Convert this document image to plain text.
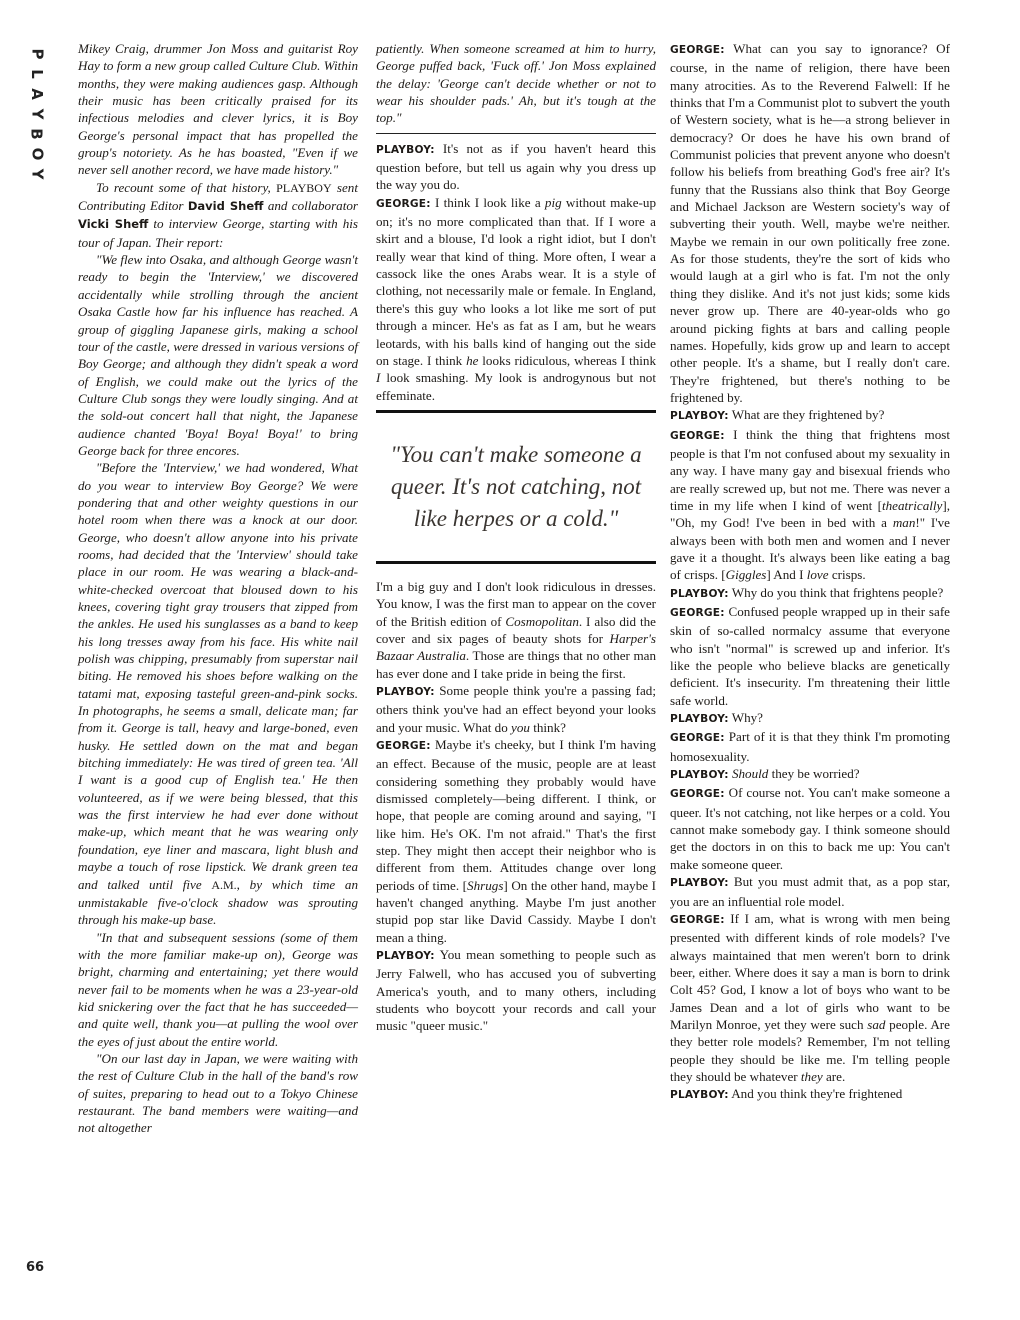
P
L
A
Y
B
O
Y
66

Mikey Craig, drummer Jon Moss and guitarist Roy Hay to form a new group called Culture Club. Within months, they were making audiences gasp. Although their music has been critically praised for its infectious melodies and clever lyrics, it is Boy George's personal impact that has propelled the group's notoriety. As he has boasted, "Even if we never sell another record, we have made history."

To recount some of that history, PLAYBOY sent Contributing Editor David Sheff and collaborator Vicki Sheff to interview George, starting with his tour of Japan. Their report:

"We flew into Osaka, and although George wasn't ready to begin the 'Interview,' we discovered accidentally while strolling through the ancient Osaka Castle how far his influence has reached. A group of giggling Japanese girls, making a school tour of the castle, were dressed in various versions of Boy George; and although they didn't speak a word of English, we could make out the lyrics of the Culture Club songs they were loudly singing. And at the sold-out concert hall that night, the Japanese audience chanted 'Boya! Boya! Boya!' to bring George back for three encores.

"Before the 'Interview,' we had wondered, What do you wear to interview Boy George? We were pondering that and other weighty questions in our hotel room when there was a knock at our door. George, who doesn't allow anyone into his private rooms, had decided that the 'Interview' should take place in our room. He was wearing a black-and-white-checked overcoat that bloused down to his knees, covering tight gray trousers that zipped from the ankles. He used his sunglasses as a band to keep his long tresses away from his face. His white nail polish was chipping, presumably from superstar nail biting. He removed his shoes before walking on the tatami mat, exposing tasteful green-and-pink socks. In photographs, he seems a small, delicate man; far from it. George is tall, heavy and large-boned, even husky. He settled down on the mat and began bitching immediately: He was tired of green tea. 'All I want is a good cup of English tea.' He then volunteered, as if we were being blessed, that this was the first interview he had ever done without make-up, which meant that he was wearing only foundation, eye liner and mascara, light blush and maybe a touch of rose lipstick. We drank green tea and talked until five A.M., by which time an unmistakable five-o'clock shadow was sprouting through his make-up base.

"In that and subsequent sessions (some of them with the more familiar make-up on), George was bright, charming and entertaining; yet there would never fail to be moments when he was a 23-year-old kid snickering over the fact that he has succeeded—and quite well, thank you—at pulling the wool over the eyes of just about the entire world.

"On our last day in Japan, we were waiting with the rest of Culture Club in the hall of the band's row of suites, preparing to head out to a Tokyo Chinese restaurant. The band members were waiting—and not altogether

patiently. When someone screamed at him to hurry, George puffed back, 'Fuck off.' Jon Moss explained the delay: 'George can't decide whether or not to wear his shoulder pads.' Ah, but it's tough at the top."

PLAYBOY: It's not as if you haven't heard this question before, but tell us again why you dress up the way you do.

GEORGE: I think I look like a pig without make-up on; it's no more complicated than that. If I wore a skirt and a blouse, I'd look a right idiot, but I don't really wear that kind of thing. More often, I wear a cassock like the ones Arabs wear. It is a style of clothing, not necessarily male or female. In England, there's this guy who looks a lot like me sort of put through a mincer. He's as fat as I am, but he wears leotards, with his balls kind of hanging out the side on stage. I think he looks ridiculous, whereas I think I look smashing. My look is androgynous but not effeminate.

"You can't make someone a queer. It's not catching, not like herpes or a cold."

I'm a big guy and I don't look ridiculous in dresses. You know, I was the first man to appear on the cover of the British edition of Cosmopolitan. I also did the cover and six pages of beauty shots for Harper's Bazaar Australia. Those are things that no other man has ever done and I take pride in being the first.

PLAYBOY: Some people think you're a passing fad; others think you've had an effect beyond your looks and your music. What do you think?

GEORGE: Maybe it's cheeky, but I think I'm having an effect. Because of the music, people are at least considering something they probably would have dismissed completely—being different. I think, or hope, that people are coming around and saying, "I like him. He's OK. I'm not afraid." That's the first step. They might then accept their neighbor who is different from them. Attitudes change over long periods of time. [Shrugs] On the other hand, maybe I haven't changed anything. Maybe I'm just another stupid pop star like David Cassidy. Maybe I don't mean a thing.

PLAYBOY: You mean something to people such as Jerry Falwell, who has accused you of subverting America's youth, and to many others, including students who boycott your records and call your music "queer music."

GEORGE: What can you say to ignorance? Of course, in the name of religion, there have been many atrocities. As to the Reverend Falwell: If he thinks that I'm a Communist plot to subvert the youth of Western society, what is he—a strong believer in democracy? Or does he have his own brand of Communist policies that prevent anyone who doesn't follow his beliefs from breathing God's free air? It's funny that the Russians also think that Boy George and Michael Jackson are Western society's way of subverting their youth. Well, maybe we're neither. Maybe we remain in our own politically free zone. As for those students, they're the sort of kids who would laugh at a girl who is fat. I'm not the only thing they dislike. And it's not just kids; some kids never grow up. There are 40-year-olds who go around picking fights at bars and calling people names. Hopefully, kids grow up and learn to accept other people. It's a shame, but I really don't care. They're frightened, but there's nothing to be frightened by.

PLAYBOY: What are they frightened by?

GEORGE: I think the thing that frightens most people is that I'm not confused about my sexuality in any way. I have many gay and bisexual friends who are really screwed up, but not me. There was never a time in my life when I kind of went [theatrically], "Oh, my God! I've been in bed with a man!" I've always been with both men and women and I never gave it a thought. It's always been like eating a bag of crisps. [Giggles] And I love crisps.

PLAYBOY: Why do you think that frightens people?

GEORGE: Confused people wrapped up in their safe skin of so-called normalcy assume that everyone who isn't "normal" is screwed up and inferior. It's like the people who believe blacks are genetically deficient. It's insecurity. I'm threatening their little safe world.

PLAYBOY: Why?

GEORGE: Part of it is that they think I'm promoting homosexuality.

PLAYBOY: Should they be worried?

GEORGE: Of course not. You can't make someone a queer. It's not catching, not like herpes or a cold. You cannot make somebody gay. I think someone should get the doctors in on this to back me up: You can't make someone queer.

PLAYBOY: But you must admit that, as a pop star, you are an influential role model.

GEORGE: If I am, what is wrong with men being presented with different kinds of role models? I've always maintained that men weren't born to drink beer, either. Where does it say a man is born to drink Colt 45? God, I know a lot of boys who want to be James Dean and a lot of girls who want to be Marilyn Monroe, yet they were such sad people. Are they better role models? Remember, I'm not telling people they should be like me. I'm telling people they should be whatever they are.

PLAYBOY: And you think they're frightened
